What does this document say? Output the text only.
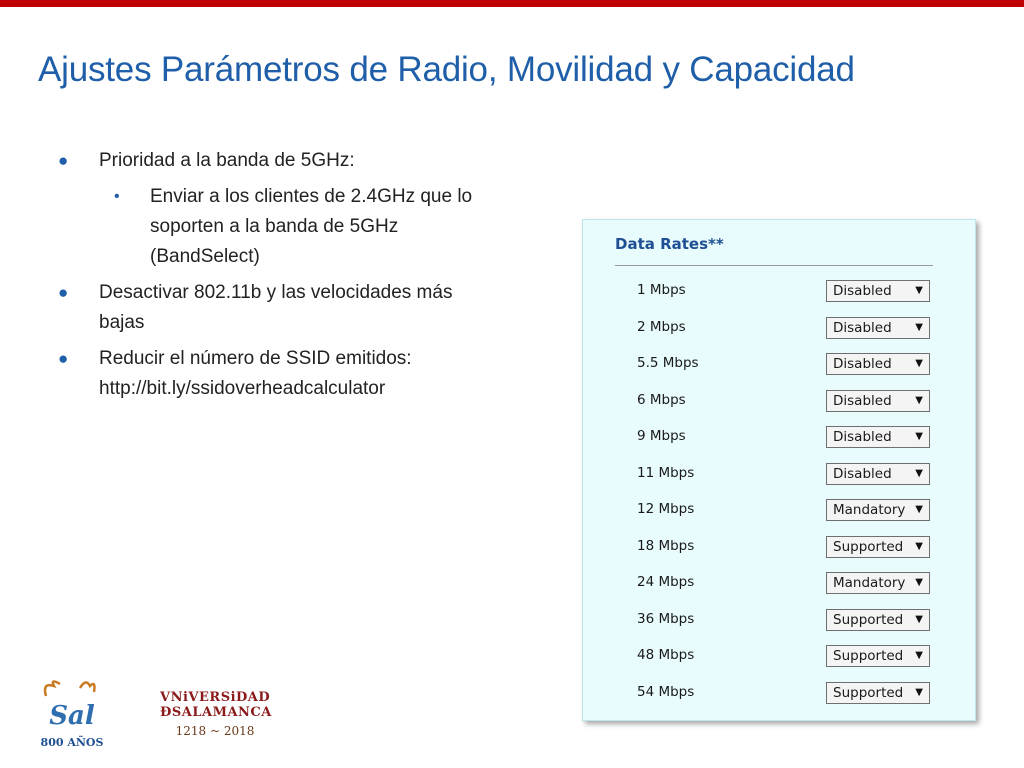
Ajustes Parámetros de Radio, Movilidad y Capacidad
● Prioridad a la banda de 5GHz:
• Enviar a los clientes de 2.4GHz que lo soporten a la banda de 5GHz (BandSelect)
● Desactivar 802.11b y las velocidades más bajas
● Reducir el número de SSID emitidos: http://bit.ly/ssidoverheadcalculator
Data Rates**
1 Mbps	Disabled ▼
2 Mbps	Disabled ▼
5.5 Mbps	Disabled ▼
6 Mbps	Disabled ▼
9 Mbps	Disabled ▼
11 Mbps	Disabled ▼
12 Mbps	Mandatory ▼
18 Mbps	Supported ▼
24 Mbps	Mandatory ▼
36 Mbps	Supported ▼
48 Mbps	Supported ▼
54 Mbps	Supported ▼
Sal
800 AÑOS
VNiVERSiDAD
ÐSALAMANCA
1218 ~ 2018
